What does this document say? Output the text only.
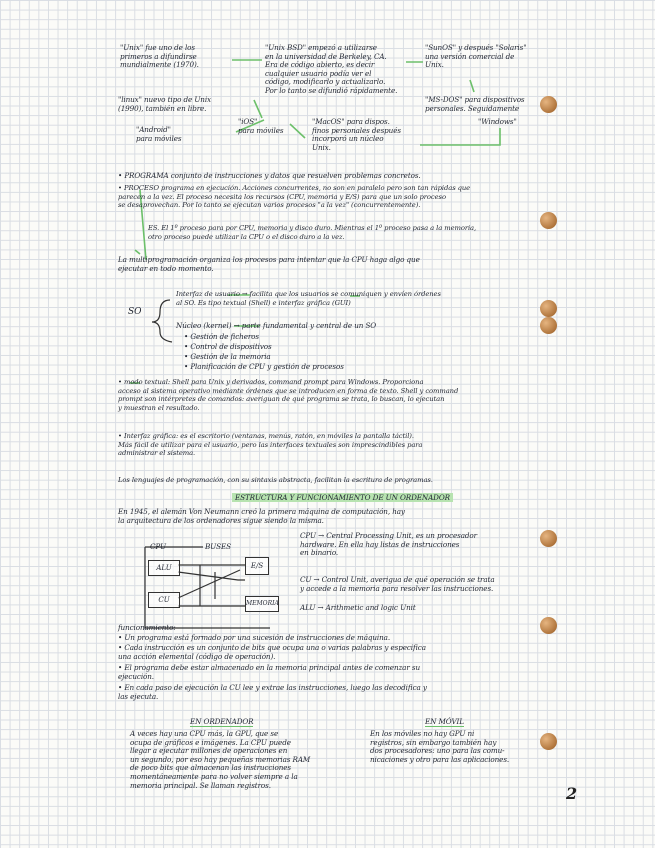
"Unix" fue uno de los
primeros a difundirse
mundialmente (1970).
"linux" nuevo tipo de Unix
(1990), también en libre.
"Android"
para móviles
"Unix BSD" empezó a utilizarse
en la universidad de Berkeley, CA.
Era de código abierto, es decir
cualquier usuario podía ver el
código, modificarlo y actualizarlo.
Por lo tanto se difundió rápidamente.
"iOS"
para móviles
"MacOS" para dispos.
finos personales después
incorporó un núcleo
Unix.
"SunOS" y después "Solaris"
una versión comercial de
Unix.
"MS-DOS" para dispositivos
personales. Seguidamente
"Windows"
• PROGRAMA conjunto de instrucciones y datos que resuelven problemas concretos.
• PROCESO programa en ejecución. Acciones concurrentes, no son en paralelo pero son tan rápidas que
parecen a la vez. El proceso necesita los recursos (CPU, memoria y E/S) para que un solo proceso
se desaprovechan. Por lo tanto se ejecutan varios procesos "a la vez" (concurrentemente).
ES. El 1º proceso para por CPU, memoria y disco duro. Mientras el 1º proceso pasa a la memoria,
otro proceso puede utilizar la CPU o el disco duro a la vez.
La multiprogramación organiza los procesos para intentar que la CPU haga algo que
ejecutar en todo momento.
SO
Interfaz de usuario → facilita que los usuarios se comuniquen y envíen órdenes
al SO. Es tipo textual (Shell) e interfaz gráfica (GUI)
Núcleo (kernel) → parte fundamental y central de un SO
• Gestión de ficheros
• Control de dispositivos
• Gestión de la memoria
• Planificación de CPU y gestión de procesos
• modo textual: Shell para Unix y derivados, command prompt para Windows. Proporciona
acceso al sistema operativo mediante órdenes que se introducen en forma de texto. Shell y command
prompt son intérpretes de comandos: averiguan de qué programa se trata, lo buscan, lo ejecutan
y muestran el resultado.
• Interfaz gráfica: es el escritorio (ventanas, menús, ratón, en móviles la pantalla táctil).
Más fácil de utilizar para el usuario, pero las interfaces textuales son imprescindibles para
administrar el sistema.
Los lenguajes de programación, con su sintaxis abstracta, facilitan la escritura de programas.
ESTRUCTURA Y FUNCIONAMIENTO DE UN ORDENADOR
En 1945, el alemán Von Neumann creó la primera máquina de computación, hay
la arquitectura de los ordenadores sigue siendo la misma.
CPU	BUSES
ALU
CU
E/S
MEMORIA
CPU → Central Processing Unit, es un procesador
hardware. En ella hay listas de instrucciones
en binario.
CU → Control Unit, averigua de qué operación se trata
y accede a la memoria para resolver las instrucciones.
ALU → Arithmetic and logic Unit
funcionamiento:
• Un programa está formado por una sucesión de instrucciones de máquina.
• Cada instrucción es un conjunto de bits que ocupa una o varias palabras y especifica
una acción elemental (código de operación).
• El programa debe estar almacenado en la memoria principal antes de comenzar su
ejecución.
• En cada paso de ejecución la CU lee y extrae las instrucciones, luego las decodifica y
las ejecuta.
EN ORDENADOR
A veces hay una CPU más, la GPU, que se
ocupa de gráficos e imágenes. La CPU puede
llegar a ejecutar millones de operaciones en
un segundo, por eso hay pequeñas memorias RAM
de poco bits que almacenan las instrucciones
momentáneamente para no volver siempre a la
memoria principal. Se llaman registros.
EN MÓVIL
En los móviles no hay GPU ni
registros, sin embargo también hay
dos procesadores: uno para las comu-
nicaciones y otro para las aplicaciones.
2
